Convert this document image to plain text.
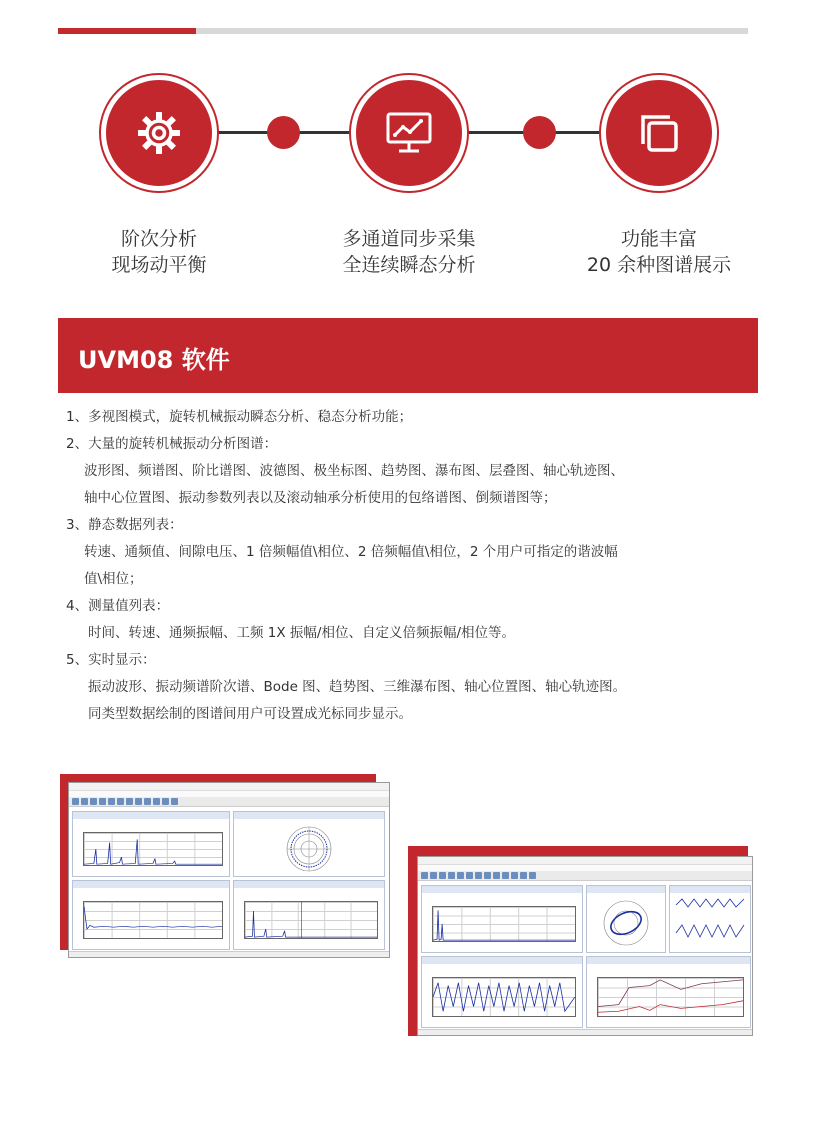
阶次分析
现场动平衡
多通道同步采集
全连续瞬态分析
功能丰富
20 余种图谱展示
UVM08 软件
1、多视图模式，旋转机械振动瞬态分析、稳态分析功能；
2、大量的旋转机械振动分析图谱：
波形图、频谱图、阶比谱图、波德图、极坐标图、趋势图、瀑布图、层叠图、轴心轨迹图、
轴中心位置图、振动参数列表以及滚动轴承分析使用的包络谱图、倒频谱图等；
3、静态数据列表：
转速、通频值、间隙电压、1 倍频幅值\相位、2 倍频幅值\相位，2 个用户可指定的谐波幅
值\相位；
4、测量值列表：
时间、转速、通频振幅、工频 1X 振幅/相位、自定义倍频振幅/相位等。
5、实时显示：
振动波形、振动频谱阶次谱、Bode 图、趋势图、三维瀑布图、轴心位置图、轴心轨迹图。
同类型数据绘制的图谱间用户可设置成光标同步显示。
